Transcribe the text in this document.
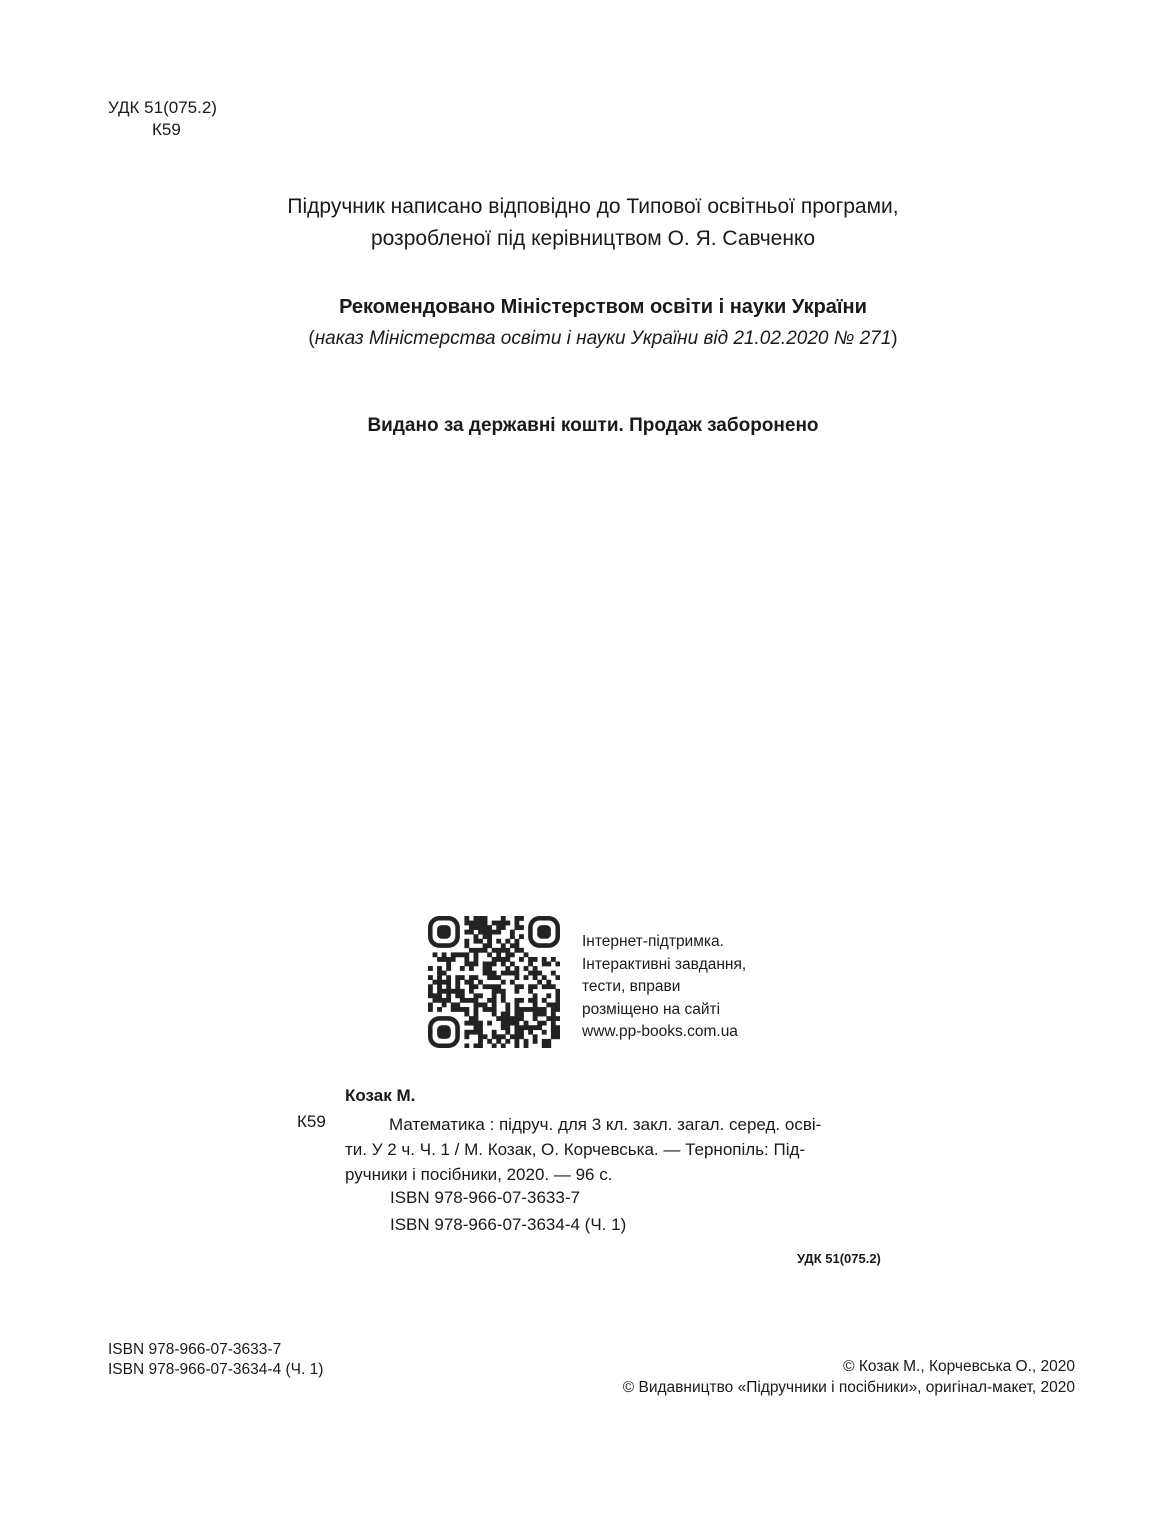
УДК 51(075.2)
К59
Підручник написано відповідно до Типової освітньої програми,
розробленої під керівництвом О. Я. Савченко
Рекомендовано Міністерством освіти і науки України
(наказ Міністерства освіти і науки України від 21.02.2020 № 271)
Видано за державні кошти. Продаж заборонено
Інтернет-підтримка.
Інтерактивні завдання,
тести, вправи
розміщено на сайті
www.pp-books.com.ua
Козак М.
К59	Математика : підруч. для 3 кл. закл. загал. серед. осві-
ти. У 2 ч. Ч. 1 / М. Козак, О. Корчевська. — Тернопіль: Під-
ручники і посібники, 2020. — 96 с.
ISBN 978-966-07-3633-7
ISBN 978-966-07-3634-4 (Ч. 1)
УДК 51(075.2)
ISBN 978-966-07-3633-7
ISBN 978-966-07-3634-4 (Ч. 1)	© Козак М., Корчевська О., 2020
© Видавництво «Підручники і посібники», оригінал-макет, 2020
